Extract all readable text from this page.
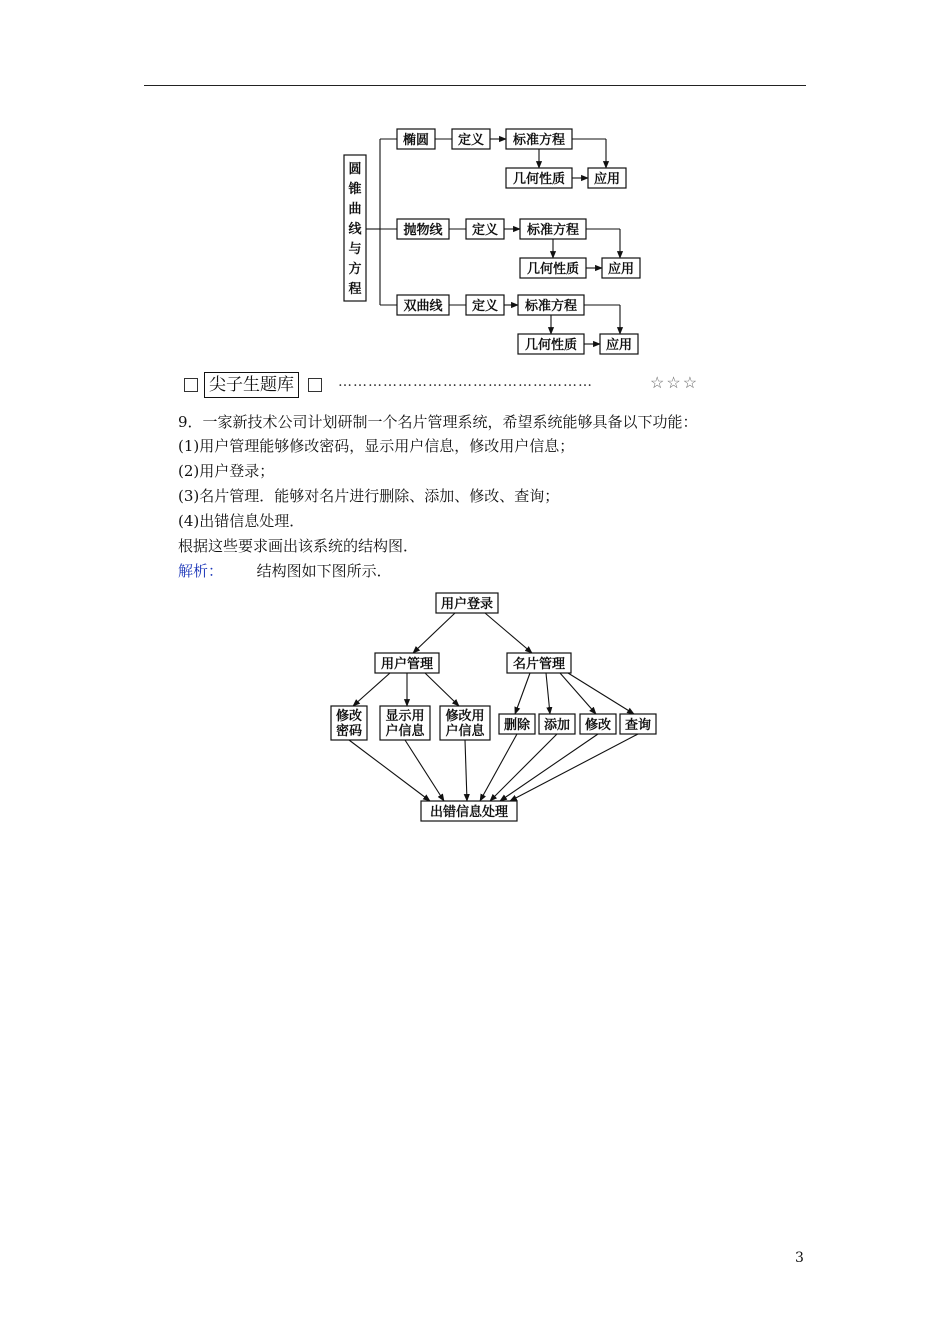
圆
锥
曲
线
与
方
程
椭圆 定义 标准方程
几何性质 应用
抛物线 定义 标准方程
几何性质 应用
双曲线 定义 标准方程
几何性质 应用
尖子生题库	……………………………………………	☆☆☆
9．一家新技术公司计划研制一个名片管理系统，希望系统能够具备以下功能：
(1)用户管理能够修改密码，显示用户信息，修改用户信息；
(2)用户登录；
(3)名片管理．能够对名片进行删除、添加、修改、查询；
(4)出错信息处理．
根据这些要求画出该系统的结构图．
解析： 结构图如下图所示．
用户登录
用户管理	名片管理
修改
密码
显示用
户信息
修改用
户信息 删除 添加 修改 查询
出错信息处理
3
